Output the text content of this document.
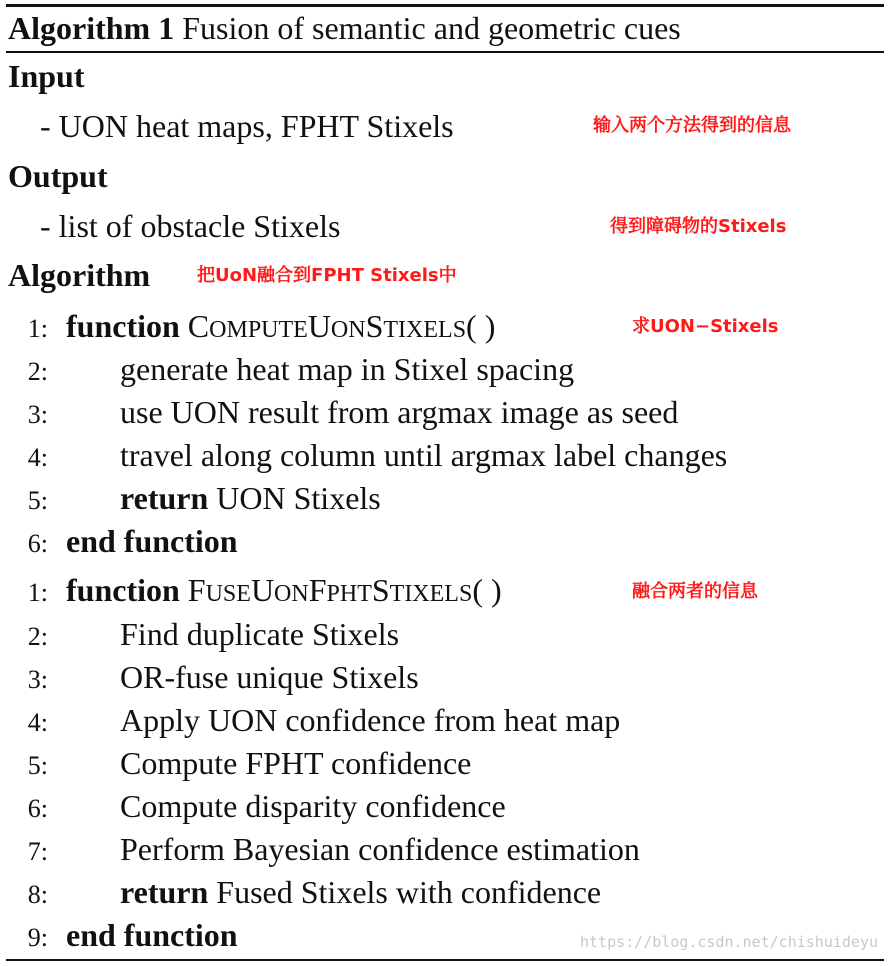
Algorithm 1 Fusion of semantic and geometric cues
Input
- UON heat maps, FPHT Stixels	输入两个方法得到的信息
Output
- list of obstacle Stixels	得到障碍物的Stixels
Algorithm	把UoN融合到FPHT Stixels中
1: function COMPUTEUONSTIXELS( )	求UON−Stixels
2: generate heat map in Stixel spacing
3: use UON result from argmax image as seed
4: travel along column until argmax label changes
5: return UON Stixels
6: end function
1: function FUSEUONFPHTSTIXELS( )	融合两者的信息
2: Find duplicate Stixels
3: OR-fuse unique Stixels
4: Apply UON confidence from heat map
5: Compute FPHT confidence
6: Compute disparity confidence
7: Perform Bayesian confidence estimation
8: return Fused Stixels with confidence
9: end function	https://blog.csdn.net/chishuideyu
